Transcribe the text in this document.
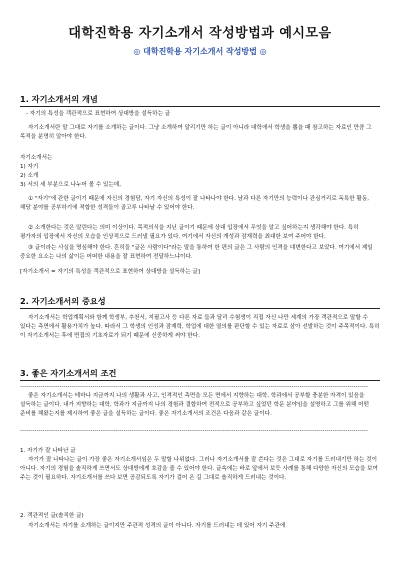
대학진학용 자기소개서 작성방법과 예시모음
◎ 대학진학용 자기소개서 작성방법 ◎
1. 자기소개서의 개념
- 자기의 특성을 객관적으로 표현하여 상대방을 설득하는 글
자기소개서란 말 그대로 자기를 소개하는 글이다. 그냥 소개하여 알리기만 하는 글이 아니라 대학에서 학생을 뽑을 때 참고하는 자료인 만큼 그 목적을 분명히 알아야 한다.
자기소개서는
1) 자기
2) 소개
3) 서의 세 부분으로 나누어 볼 수 있는데,
① "자기"에 관한 글이기 때문에 자신의 경험담, 자기 자신의 특성이 잘 나타나야 한다. 남과 다른 자기만의 능력이나 관심거리로 독특한 활동, 해당 분야를 공부하기에 적합한 성격들이 골고루 나타날 수 있어야 한다.
② 소개한다는 것은 알린다는 의미 이상이다. 목적의식을 지닌 글이기 때문에 상대 입장에서 무엇을 알고 싶어하는지 생각해야 한다. 특히 평가자의 입장에서 자신의 모습을 인상적으로 드러낼 필요가 있다. 여기에서 자신의 개성과 잠재력을 최대한 보여 주어야 한다.
③ 글이라는 사실을 명심해야 한다. 흔히들 "글은 사람이다"라는 말을 통하여 한 편의 글은 그 사람의 인격을 대변한다고 보았다. 여기에서 제일 중요한 요소는 나의 삶이든 어떠한 내용을 잘 표현하여 전달하느냐이다.
[자기소개서 = 자기의 특성을 객관적으로 표현하여 상대방을 설득하는 글]
2. 자기소개서의 중요성
자기소개서는 학업계획서와 함께 학생부, 추천서, 지필고사 등 다른 자료 들과 달리 수험생이 직접 자신 나만 세계의 가장 객관적으로 말할 수 있다는 측면에서 활용가치가 높다. 따라서 그 학생의 인성과 잠재력, 학업에 대한 열의를 판단할 수 있는 자료로 삼아 선발하는 것이 주목적이다. 특히 이 자기소개서는 후에 면접의 기초자료가 되기 때문에 신중하게 써야 한다.
3. 좋은 자기소개서의 조건
------------------------------------------------------------------------------------------------------------------------------------------------------------------------
좋은 자기소개서는 테마나 지금까지 나의 생활과 사고, 인격적인 측면을 모든 면에서 지향하는 대학, 학과에서 공부할 충분한 자격이 있음을 설득하는 글이다. 내가 지향하는 대학, 학과가 지금까지 나의 경험과 결합하여 전적으로 공부하고 싶었던 학문 분야임을 설명하고 그를 위해 어떤 준비를 해왔는지를 제시하여 좋은 글을 설득하는 글이다. 좋은 자기소개서의 조건은 다음과 같은 글이다.
------------------------------------------------------------------------------------------------------------------------------------------------------------------------
1. 자기가 잘 나타난 글
자기가 잘 나타나는 글이 가장 좋은 자기소개서임은 두 말할 나위없다. 그러나 자기소개서를 잘 쓴다는 것은 그대로 자기를 드러내기만 하는 것이 아니다. 자기의 경험을 솔직하게 쓰면서도 상대방에게 호감을 줄 수 있어야 한다. 글속에는 바로 앞에서 보듯 사례를 통해 다양한 자신의 모습을 보여 주는 것이 필요하다. 자기소개서를 쓰다 보면 공감되도록 자기가 걸어 온 길 그대로 솔직하게 드러내는 것이다.
2. 객관적인 글(솔직한 글)
자기소개서는 자기를 소개하는 글이지만 주관적 성격의 글이 아니다. 자기를 드러내는 데 있어 자기 주관에
